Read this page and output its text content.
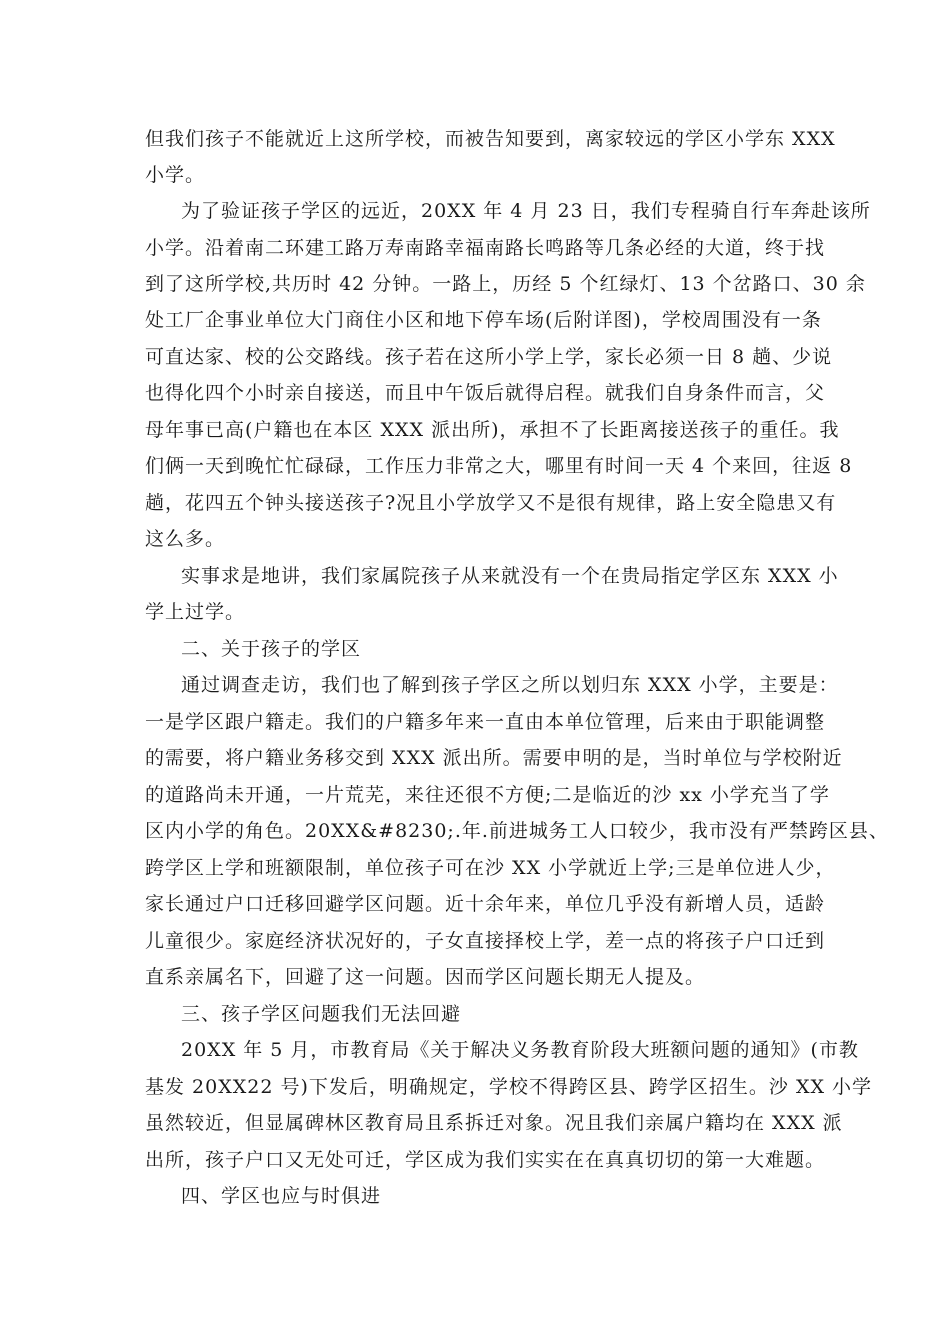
但我们孩子不能就近上这所学校，而被告知要到，离家较远的学区小学东 XXX
小学。
为了验证孩子学区的远近，20XX 年 4 月 23 日，我们专程骑自行车奔赴该所
小学。沿着南二环建工路万寿南路幸福南路长鸣路等几条必经的大道，终于找
到了这所学校,共历时 42 分钟。一路上，历经 5 个红绿灯、13 个岔路口、30 余
处工厂企事业单位大门商住小区和地下停车场(后附详图)，学校周围没有一条
可直达家、校的公交路线。孩子若在这所小学上学，家长必须一日 8 趟、少说
也得化四个小时亲自接送，而且中午饭后就得启程。就我们自身条件而言，父
母年事已高(户籍也在本区 XXX 派出所)，承担不了长距离接送孩子的重任。我
们俩一天到晚忙忙碌碌，工作压力非常之大，哪里有时间一天 4 个来回，往返 8
趟，花四五个钟头接送孩子?况且小学放学又不是很有规律，路上安全隐患又有
这么多。
实事求是地讲，我们家属院孩子从来就没有一个在贵局指定学区东 XXX 小
学上过学。
二、关于孩子的学区
通过调查走访，我们也了解到孩子学区之所以划归东 XXX 小学，主要是：
一是学区跟户籍走。我们的户籍多年来一直由本单位管理，后来由于职能调整
的需要，将户籍业务移交到 XXX 派出所。需要申明的是，当时单位与学校附近
的道路尚未开通，一片荒芜，来往还很不方便;二是临近的沙 xx 小学充当了学
区内小学的角色。20XX&#8230;.年.前进城务工人口较少，我市没有严禁跨区县、
跨学区上学和班额限制，单位孩子可在沙 XX 小学就近上学;三是单位进人少，
家长通过户口迁移回避学区问题。近十余年来，单位几乎没有新增人员，适龄
儿童很少。家庭经济状况好的，子女直接择校上学，差一点的将孩子户口迁到
直系亲属名下，回避了这一问题。因而学区问题长期无人提及。
三、孩子学区问题我们无法回避
20XX 年 5 月，市教育局《关于解决义务教育阶段大班额问题的通知》(市教
基发 20XX22 号)下发后，明确规定，学校不得跨区县、跨学区招生。沙 XX 小学
虽然较近，但显属碑林区教育局且系拆迁对象。况且我们亲属户籍均在 XXX 派
出所，孩子户口又无处可迁，学区成为我们实实在在真真切切的第一大难题。
四、学区也应与时俱进
